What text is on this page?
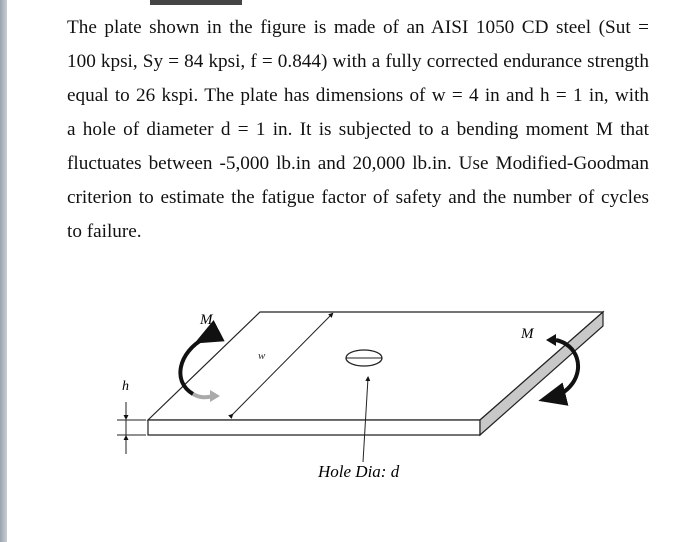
The plate shown in the figure is made of an AISI 1050 CD steel (Sut =
100 kpsi, Sy = 84 kpsi, f = 0.844) with a fully corrected endurance strength
equal to 26 kspi. The plate has dimensions of w = 4 in and h = 1 in, with
a hole of diameter d = 1 in. It is subjected to a bending moment M that
fluctuates between -5,000 lb.in and 20,000 lb.in. Use Modified-Goodman
criterion to estimate the fatigue factor of safety and the number of cycles
to failure.
w
Hole Dia: d
h
M
M
